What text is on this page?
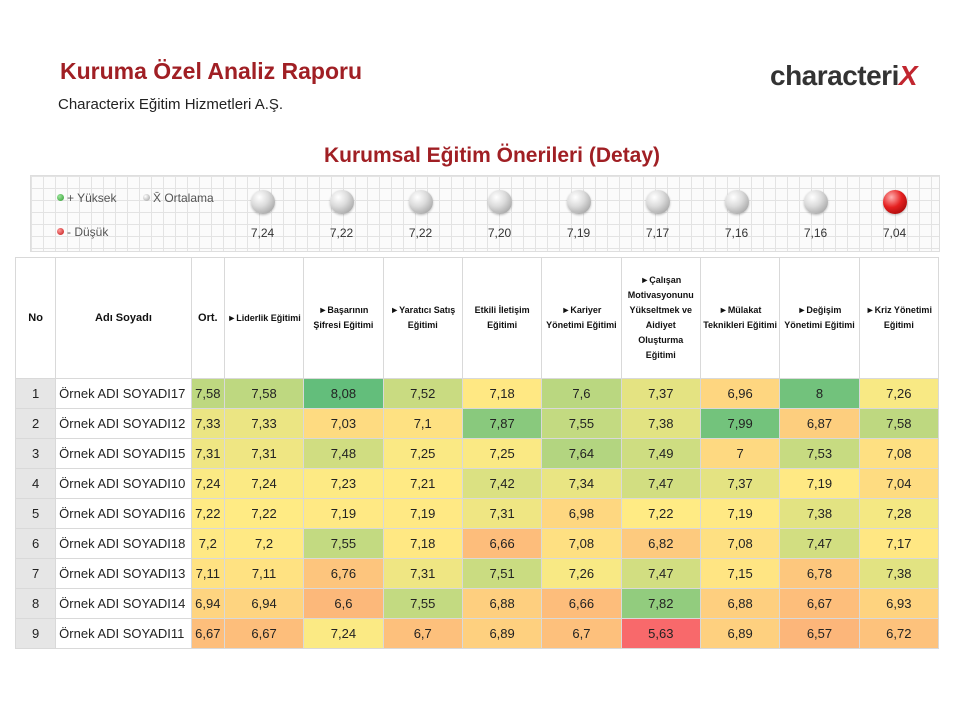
Kuruma Özel Analiz Raporu
Characterix Eğitim Hizmetleri A.Ş.
characteriX
Kurumsal Eğitim Önerileri (Detay)
+ Yüksek	X̄ Ortalama
- Düşük	7,24	7,22	7,22	7,20	7,19	7,17	7,16	7,16	7,04
No	Adı Soyadı	Ort.	►Liderlik Eğitimi	►Başarının Şifresi Eğitimi	►Yaratıcı Satış Eğitimi	Etkili İletişim Eğitimi	►Kariyer Yönetimi Eğitimi	►Çalışan Motivasyonunu Yükseltmek ve Aidiyet Oluşturma Eğitimi	►Mülakat Teknikleri Eğitimi	►Değişim Yönetimi Eğitimi	►Kriz Yönetimi Eğitimi
1	Örnek ADI SOYADI17	7,58	7,58	8,08	7,52	7,18	7,6	7,37	6,96	8	7,26
2	Örnek ADI SOYADI12	7,33	7,33	7,03	7,1	7,87	7,55	7,38	7,99	6,87	7,58
3	Örnek ADI SOYADI15	7,31	7,31	7,48	7,25	7,25	7,64	7,49	7	7,53	7,08
4	Örnek ADI SOYADI10	7,24	7,24	7,23	7,21	7,42	7,34	7,47	7,37	7,19	7,04
5	Örnek ADI SOYADI16	7,22	7,22	7,19	7,19	7,31	6,98	7,22	7,19	7,38	7,28
6	Örnek ADI SOYADI18	7,2	7,2	7,55	7,18	6,66	7,08	6,82	7,08	7,47	7,17
7	Örnek ADI SOYADI13	7,11	7,11	6,76	7,31	7,51	7,26	7,47	7,15	6,78	7,38
8	Örnek ADI SOYADI14	6,94	6,94	6,6	7,55	6,88	6,66	7,82	6,88	6,67	6,93
9	Örnek ADI SOYADI11	6,67	6,67	7,24	6,7	6,89	6,7	5,63	6,89	6,57	6,72
